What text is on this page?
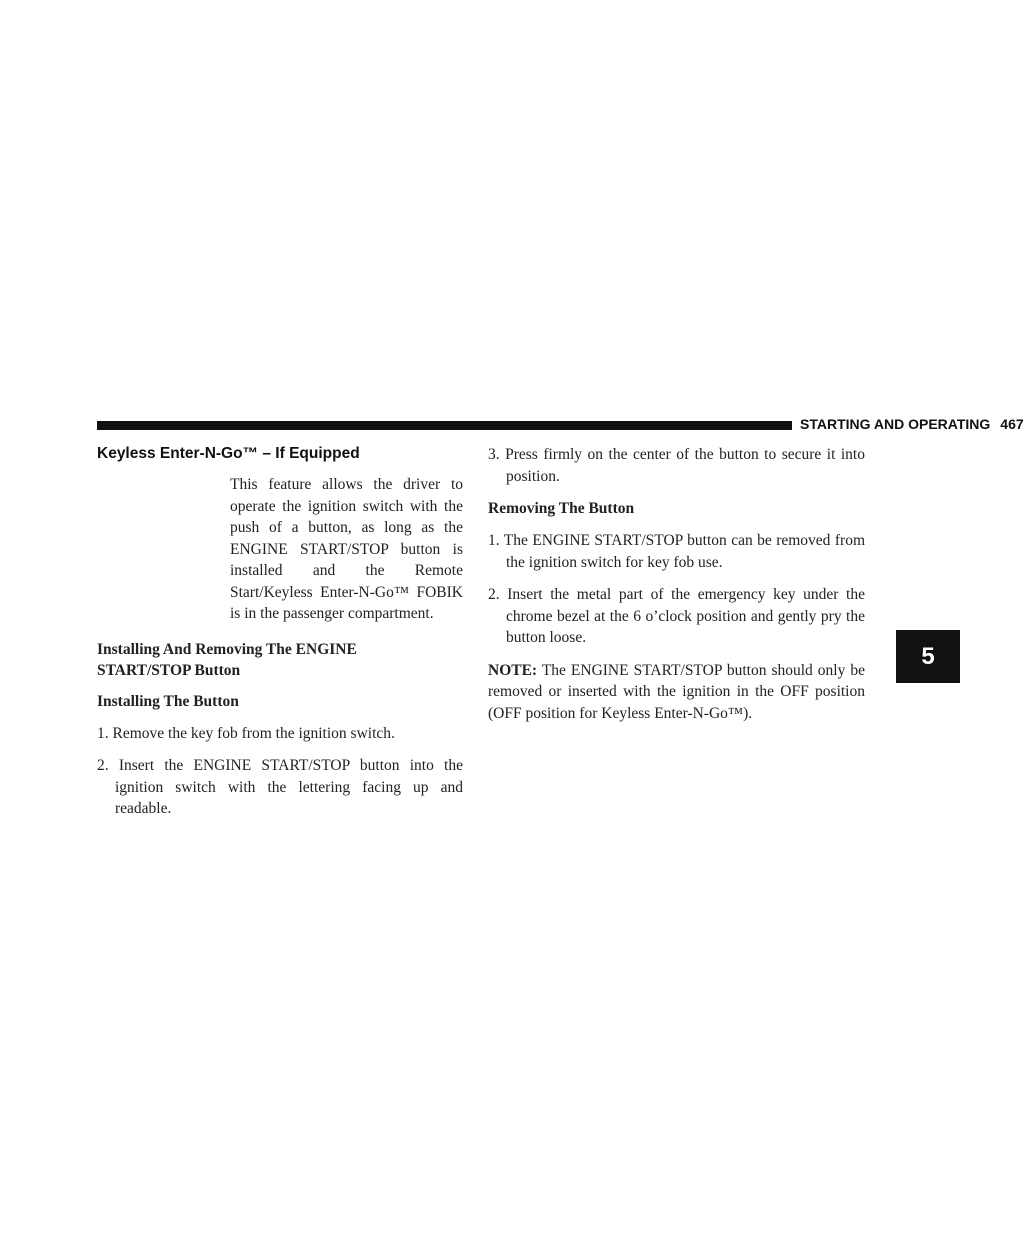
STARTING AND OPERATING 467
Keyless Enter-N-Go™ – If Equipped

This feature allows the driver to operate the ignition switch with the push of a button, as long as the ENGINE START/STOP button is installed and the Remote Start/Keyless Enter-N-Go™ FOBIK is in the passenger compartment.

Installing And Removing The ENGINE
START/STOP Button
Installing The Button

1. Remove the key fob from the ignition switch.

2. Insert the ENGINE START/STOP button into the ignition switch with the lettering facing up and readable.

3. Press firmly on the center of the button to secure it into position.

Removing The Button

1. The ENGINE START/STOP button can be removed from the ignition switch for key fob use.

2. Insert the metal part of the emergency key under the chrome bezel at the 6 o’clock position and gently pry the button loose.

NOTE: The ENGINE START/STOP button should only be removed or inserted with the ignition in the OFF position (OFF position for Keyless Enter-N-Go™).

5
